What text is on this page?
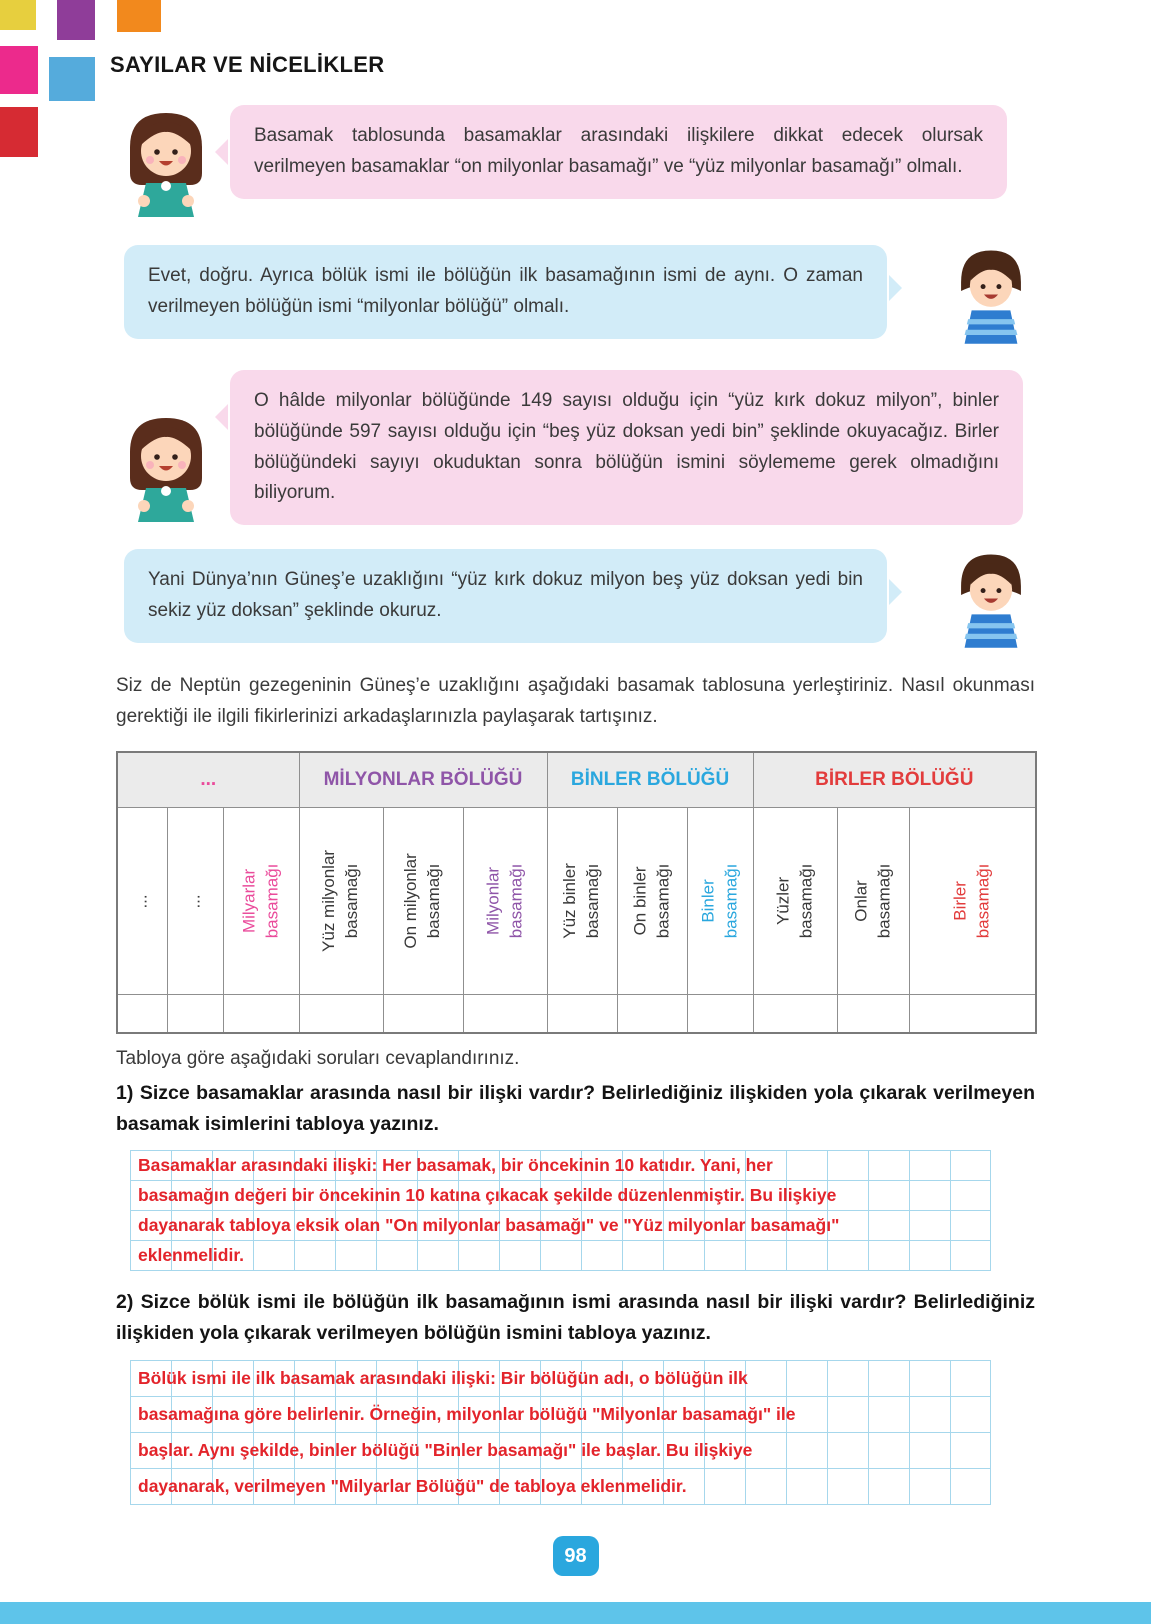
SAYILAR VE NİCELİKLER

Basamak tablosunda basamaklar arasındaki ilişkilere dikkat edecek olursak verilmeyen basamaklar “on milyonlar basamağı” ve “yüz milyonlar basamağı” olmalı.

Evet, doğru. Ayrıca bölük ismi ile bölüğün ilk basamağının ismi de aynı. O zaman verilmeyen bölüğün ismi “milyonlar bölüğü” olmalı.

O hâlde milyonlar bölüğünde 149 sayısı olduğu için “yüz kırk dokuz milyon”, binler bölüğünde 597 sayısı olduğu için “beş yüz doksan yedi bin” şeklinde okuyacağız. Birler bölüğündeki sayıyı okuduktan sonra bölüğün ismini söylememe gerek olmadığını biliyorum.

Yani Dünya’nın Güneş’e uzaklığını “yüz kırk dokuz milyon beş yüz doksan yedi bin sekiz yüz doksan” şeklinde okuruz.

Siz de Neptün gezegeninin Güneş’e uzaklığını aşağıdaki basamak tablosuna yerleştiriniz. Nasıl okunması gerektiği ile ilgili fikirlerinizi arkadaşlarınızla paylaşarak tartışınız.

...			MİLYONLAR BÖLÜĞÜ			BİNLER BÖLÜĞÜ			BİRLER BÖLÜĞÜ		

...	...	Milyarlar basamağı	Yüz milyonlar basamağı	On milyonlar basamağı	Milyonlar basamağı	Yüz binler basamağı	On binler basamağı	Binler basamağı	Yüzler basamağı	Onlar basamağı	Birler basamağı

Tabloya göre aşağıdaki soruları cevaplandırınız.

1) Sizce basamaklar arasında nasıl bir ilişki vardır? Belirlediğiniz ilişkiden yola çıkarak verilmeyen basamak isimlerini tabloya yazınız.

Basamaklar arasındaki ilişki: Her basamak, bir öncekinin 10 katıdır. Yani, her
basamağın değeri bir öncekinin 10 katına çıkacak şekilde düzenlenmiştir. Bu ilişkiye
dayanarak tabloya eksik olan "On milyonlar basamağı" ve "Yüz milyonlar basamağı"
eklenmelidir.

2) Sizce bölük ismi ile bölüğün ilk basamağının ismi arasında nasıl bir ilişki vardır? Belirlediğiniz ilişkiden yola çıkarak verilmeyen bölüğün ismini tabloya yazınız.

Bölük ismi ile ilk basamak arasındaki ilişki: Bir bölüğün adı, o bölüğün ilk
basamağına göre belirlenir. Örneğin, milyonlar bölüğü "Milyonlar basamağı" ile
başlar. Aynı şekilde, binler bölüğü "Binler basamağı" ile başlar. Bu ilişkiye
dayanarak, verilmeyen "Milyarlar Bölüğü" de tabloya eklenmelidir.
98
